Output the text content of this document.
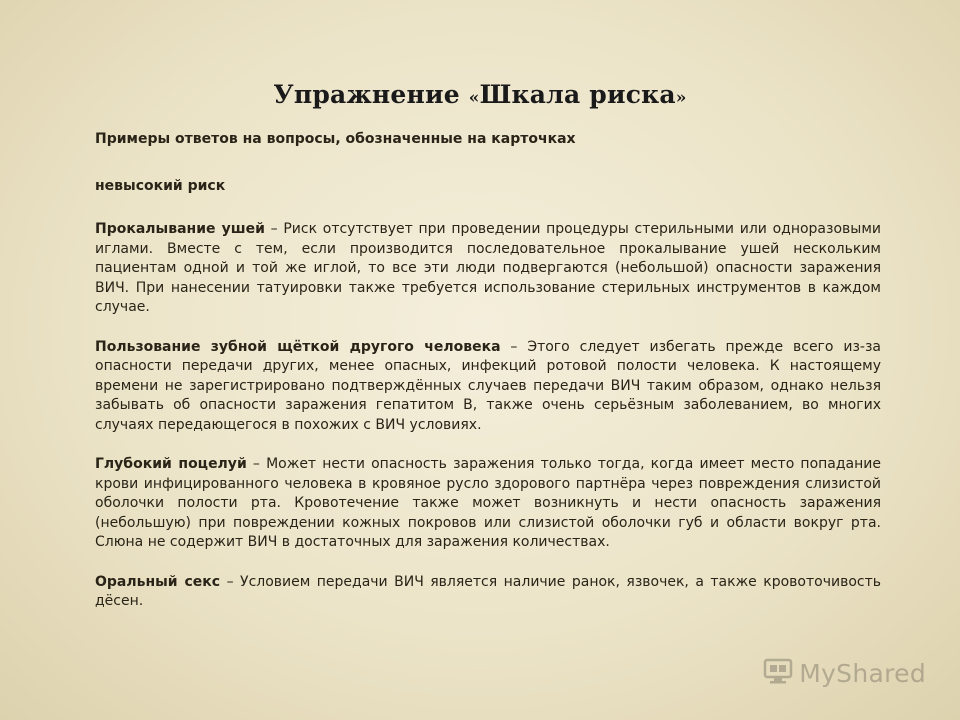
Упражнение «Шкала риска»

Примеры ответов на вопросы, обозначенные на карточках

невысокий риск

Прокалывание ушей – Риск отсутствует при проведении процедуры стерильными или одноразовыми иглами. Вместе с тем, если производится последовательное прокалывание ушей нескольким пациентам одной и той же иглой, то все эти люди подвергаются (небольшой) опасности заражения ВИЧ. При нанесении татуировки также требуется использование стерильных инструментов в каждом случае.

Пользование зубной щёткой другого человека – Этого следует избегать прежде всего из-за опасности передачи других, менее опасных, инфекций ротовой полости человека. К настоящему времени не зарегистрировано подтверждённых случаев передачи ВИЧ таким образом, однако нельзя забывать об опасности заражения гепатитом B, также очень серьёзным заболеванием, во многих случаях передающегося в похожих с ВИЧ условиях.

Глубокий поцелуй – Может нести опасность заражения только тогда, когда имеет место попадание крови инфицированного человека в кровяное русло здорового партнёра через повреждения слизистой оболочки полости рта. Кровотечение также может возникнуть и нести опасность заражения (небольшую) при повреждении кожных покровов или слизистой оболочки губ и области вокруг рта. Слюна не содержит ВИЧ в достаточных для заражения количествах.

Оральный секс – Условием передачи ВИЧ является наличие ранок, язвочек, а также кровоточивость дёсен.

MyShared
